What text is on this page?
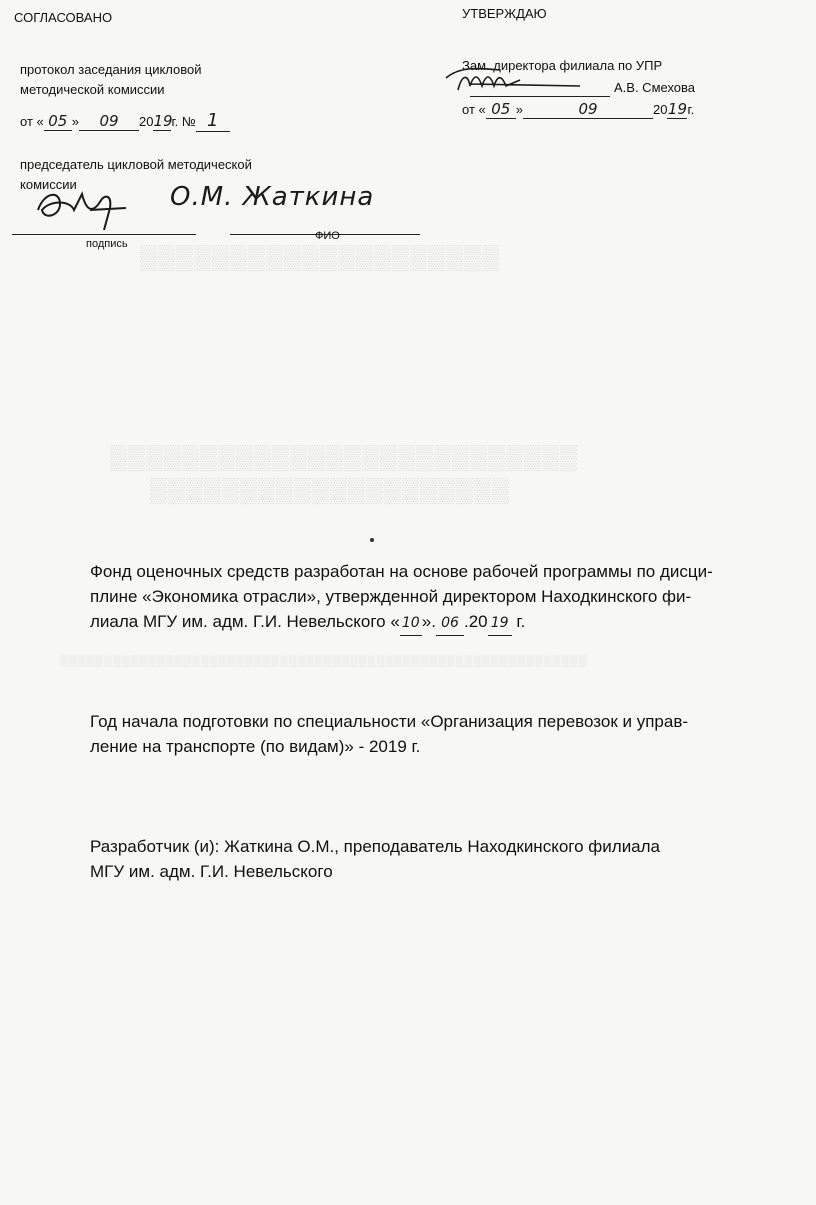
▒▒▒▒▒▒▒▒▒▒▒▒▒▒▒▒▒▒▒▒
▒▒▒▒▒▒▒▒▒▒▒▒▒▒▒▒▒▒▒▒▒▒▒▒▒▒
▒▒▒▒▒▒▒▒▒▒▒▒▒▒▒▒▒▒▒▒
▒▒▒▒▒▒▒▒▒▒▒▒▒▒▒▒▒▒▒▒▒▒▒▒▒▒▒▒▒▒▒▒▒▒▒▒▒▒▒▒▒▒▒▒▒▒▒▒▒▒▒▒▒▒▒▒▒▒▒▒
СОГЛАСОВАНО
протокол заседания цикловой
методической комиссии
от « 05 » 09 2019г. № 1
председатель цикловой методической
комиссии	О.М. Жаткина
подпись
ФИО
УТВЕРЖДАЮ
Зам. директора филиала по УПР
А.В. Смехова
от « 05 »	09	2019г.
Фонд оценочных средств разработан на основе рабочей программы по дисци-
плине «Экономика отрасли», утвержденной директором Находкинского фи-
лиала МГУ им. адм. Г.И. Невельского « 10 ». 06 .20 19 г.
Год начала подготовки по специальности «Организация перевозок и управ-
ление на транспорте (по видам)» - 2019 г.
Разработчик (и): Жаткина О.М., преподаватель Находкинского филиала
МГУ им. адм. Г.И. Невельского
